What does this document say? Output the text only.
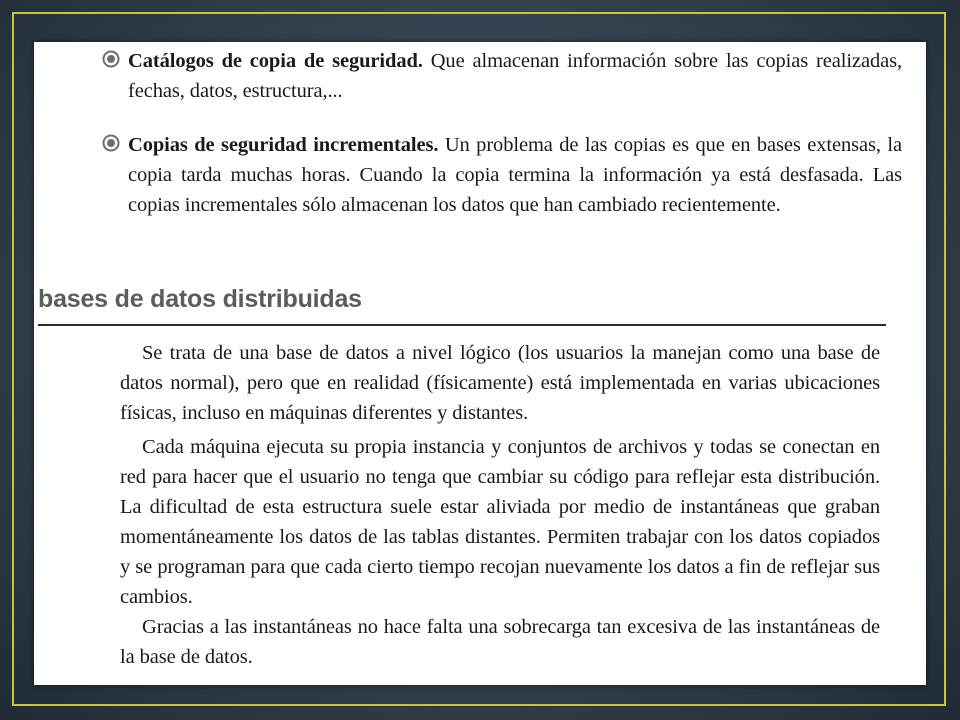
Catálogos de copia de seguridad. Que almacenan información sobre las copias realizadas, fechas, datos, estructura,...
Copias de seguridad incrementales. Un problema de las copias es que en bases extensas, la copia tarda muchas horas. Cuando la copia termina la información ya está desfasada. Las copias incrementales sólo almacenan los datos que han cambiado recientemente.
bases de datos distribuidas

Se trata de una base de datos a nivel lógico (los usuarios la manejan como una base de datos normal), pero que en realidad (físicamente) está implementada en varias ubicaciones físicas, incluso en máquinas diferentes y distantes.

Cada máquina ejecuta su propia instancia y conjuntos de archivos y todas se conectan en red para hacer que el usuario no tenga que cambiar su código para reflejar esta distribución. La dificultad de esta estructura suele estar aliviada por medio de instantáneas que graban momentáneamente los datos de las tablas distantes. Permiten trabajar con los datos copiados y se programan para que cada cierto tiempo recojan nuevamente los datos a fin de reflejar sus cambios.

Gracias a las instantáneas no hace falta una sobrecarga tan excesiva de las instantáneas de la base de datos.
